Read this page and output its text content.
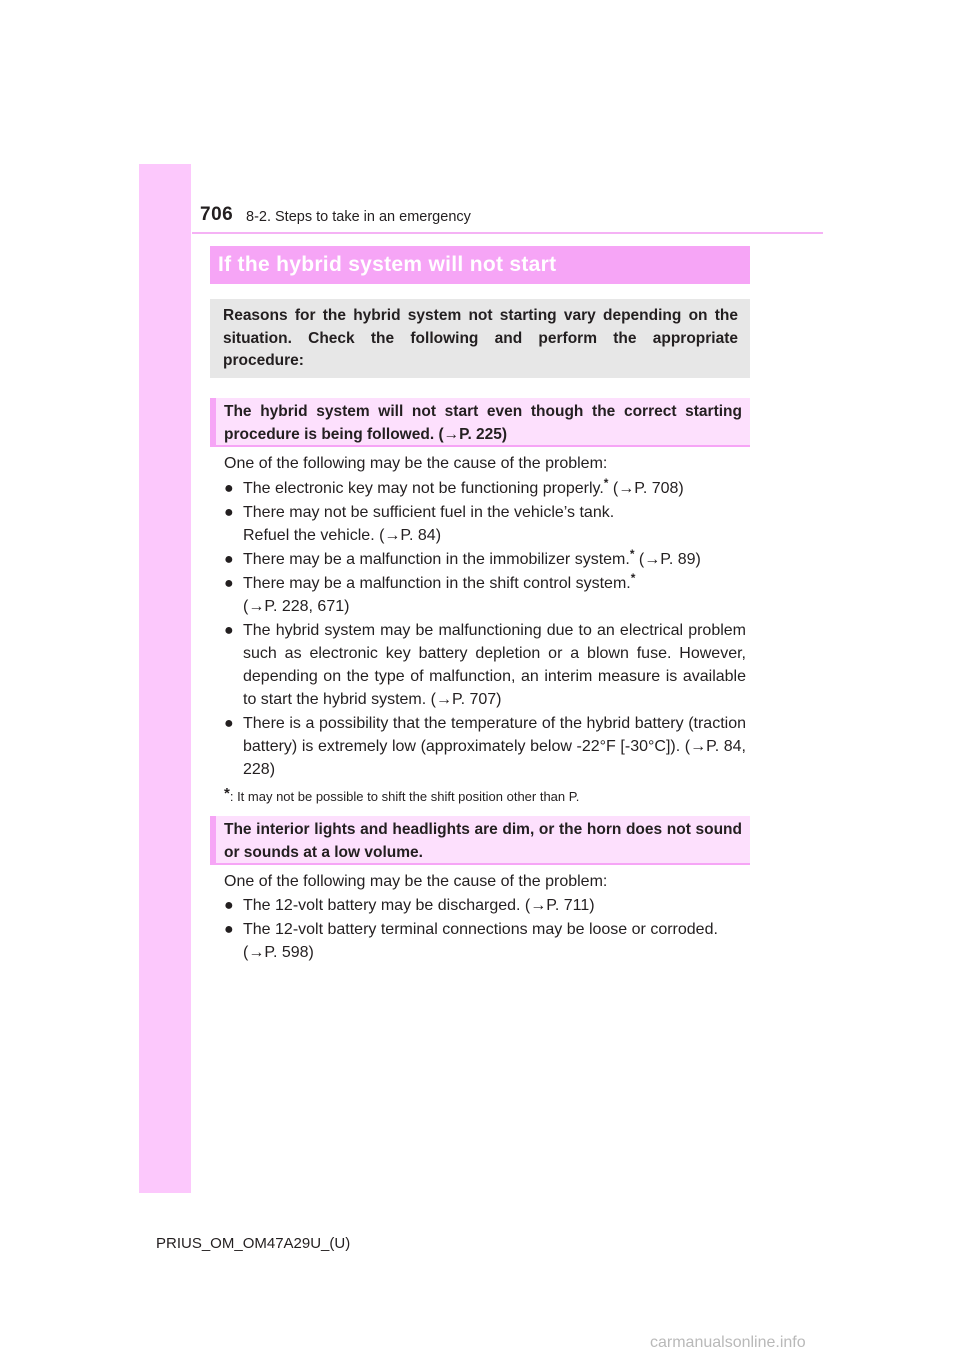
706 8-2. Steps to take in an emergency
If the hybrid system will not start
Reasons for the hybrid system not starting vary depending on the situation. Check the following and perform the appropriate procedure:
The hybrid system will not start even though the correct starting procedure is being followed. (→P. 225)
One of the following may be the cause of the problem:
● The electronic key may not be functioning properly.* (→P. 708)
● There may not be sufficient fuel in the vehicle’s tank.
Refuel the vehicle. (→P. 84)
● There may be a malfunction in the immobilizer system.* (→P. 89)
● There may be a malfunction in the shift control system.*
(→P. 228, 671)
● The hybrid system may be malfunctioning due to an electrical problem such as electronic key battery depletion or a blown fuse. However, depending on the type of malfunction, an interim measure is available to start the hybrid system. (→P. 707)
● There is a possibility that the temperature of the hybrid battery (traction battery) is extremely low (approximately below -22°F [-30°C]). (→P. 84, 228)
*: It may not be possible to shift the shift position other than P.
The interior lights and headlights are dim, or the horn does not sound or sounds at a low volume.
One of the following may be the cause of the problem:
● The 12-volt battery may be discharged. (→P. 711)
● The 12-volt battery terminal connections may be loose or corroded.
(→P. 598)
PRIUS_OM_OM47A29U_(U)
carmanualsonline.info
